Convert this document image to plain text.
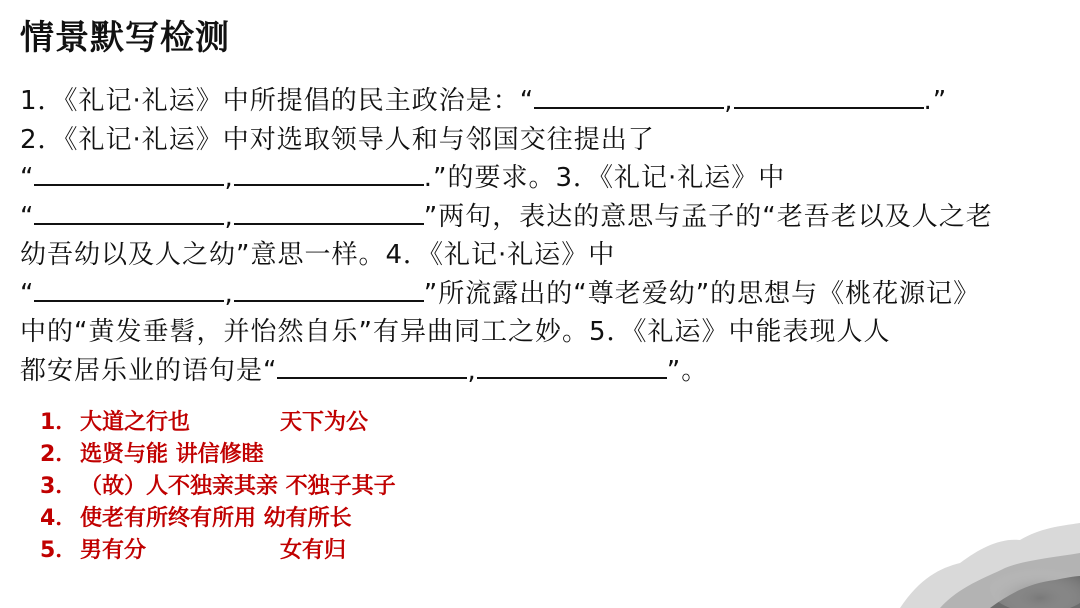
情景默写检测
1．《礼记·礼运》中所提倡的民主政治是：“	,	.”
2．《礼记·礼运》中对选取领导人和与邻国交往提出了
“	,	.”的要求。3．《礼记·礼运》中
“	,	”两句，表达的意思与孟子的“老吾老以及人之老
幼吾幼以及人之幼”意思一样。4．《礼记·礼运》中
“	,	”所流露出的“尊老爱幼”的思想与《桃花源记》
中的“黄发垂髫，并怡然自乐”有异曲同工之妙。5．《礼运》中能表现人人
都安居乐业的语句是“	,	”。
1． 大道之行也	天下为公
2． 选贤与能 讲信修睦
3． （故）人不独亲其亲 不独子其子
4． 使老有所终有所用 幼有所长
5． 男有分	女有归
